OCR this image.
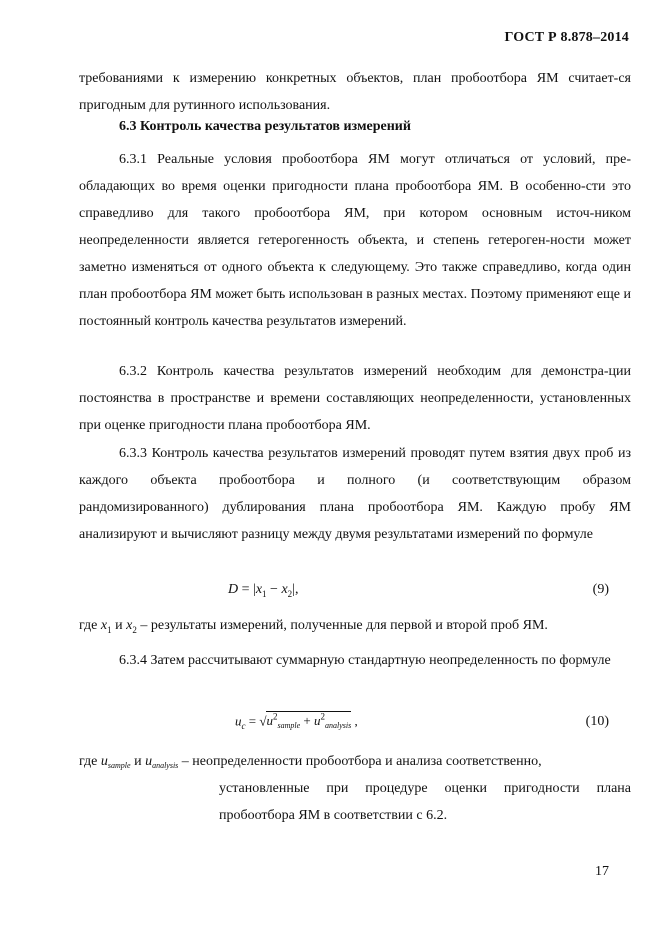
ГОСТ Р 8.878–2014
требованиями к измерению конкретных объектов, план пробоотбора ЯМ считает-ся пригодным для рутинного использования.
6.3 Контроль качества результатов измерений
6.3.1 Реальные условия пробоотбора ЯМ могут отличаться от условий, пре-обладающих во время оценки пригодности плана пробоотбора ЯМ. В особенно-сти это справедливо для такого пробоотбора ЯМ, при котором основным источ-ником неопределенности является гетерогенность объекта, и степень гетероген-ности может заметно изменяться от одного объекта к следующему. Это также справедливо, когда один план пробоотбора ЯМ может быть использован в разных местах. Поэтому применяют еще и постоянный контроль качества результатов измерений.
6.3.2 Контроль качества результатов измерений необходим для демонстра-ции постоянства в пространстве и времени составляющих неопределенности, установленных при оценке пригодности плана пробоотбора ЯМ.
6.3.3 Контроль качества результатов измерений проводят путем взятия двух проб из каждого объекта пробоотбора и полного (и соответствующим образом рандомизированного) дублирования плана пробоотбора ЯМ. Каждую пробу ЯМ анализируют и вычисляют разницу между двумя результатами измерений по формуле
$D = |x_1 - x_2|$,	(9)
где $x_1$ и $x_2$ – результаты измерений, полученные для первой и второй проб ЯМ.
6.3.4 Затем рассчитывают суммарную стандартную неопределенность по формуле
$u_c = √u^2_{sample} + u^2_{analysis}$ ,	(10)
где $u_{sample}$ и $u_{analysis}$ – неопределенности пробоотбора и анализа соответственно,
установленные при процедуре оценки пригодности плана пробоотбора ЯМ в соответствии с 6.2.
17
